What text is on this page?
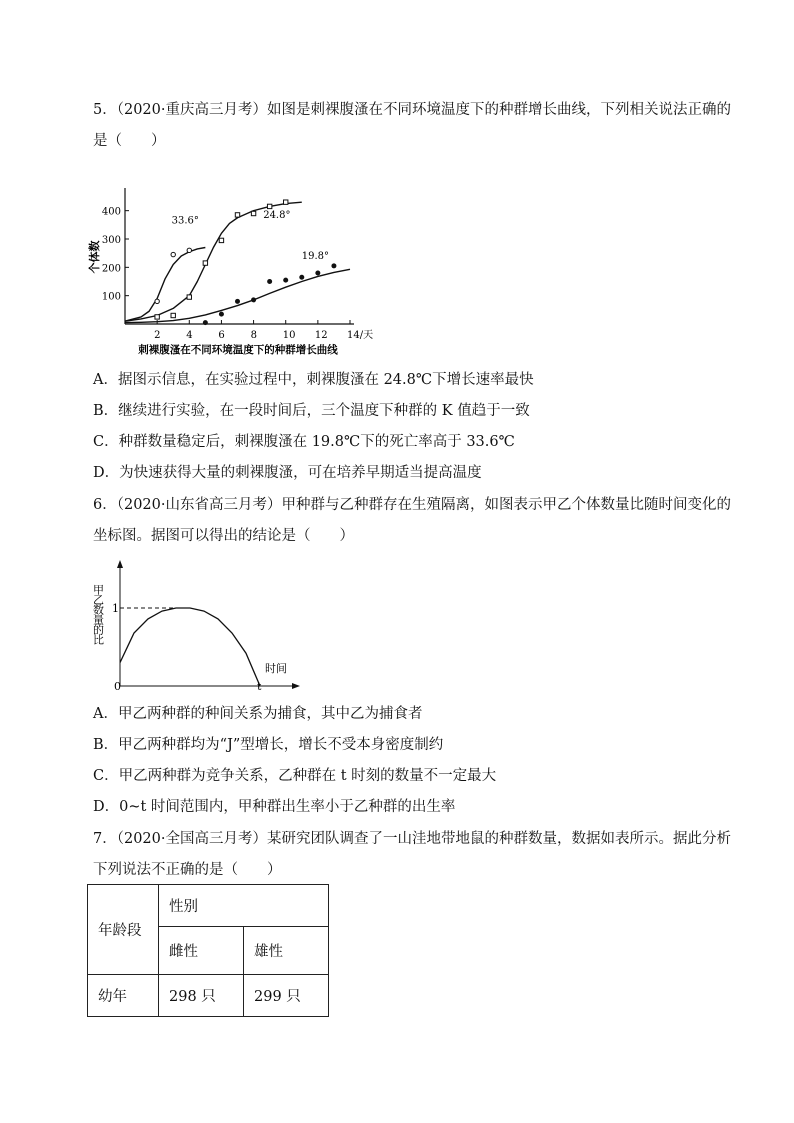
5．（2020·重庆高三月考）如图是刺裸腹溞在不同环境温度下的种群增长曲线，下列相关说法正确的
是（　　）
个体数
100
200
300
400
2	4	6	8	10 12 14/天
33.6°
24.8°
19.8°
刺裸腹溞在不同环境温度下的种群增长曲线
A．据图示信息，在实验过程中，刺裸腹溞在 24.8℃下增长速率最快
B．继续进行实验，在一段时间后，三个温度下种群的 K 值趋于一致
C．种群数量稳定后，刺裸腹溞在 19.8℃下的死亡率高于 33.6℃
D．为快速获得大量的刺裸腹溞，可在培养早期适当提高温度
6．（2020·山东省高三月考）甲种群与乙种群存在生殖隔离，如图表示甲乙个体数量比随时间变化的
坐标图。据图可以得出的结论是（　　）
甲乙数量的比 1
0	t
时间
A．甲乙两种群的种间关系为捕食，其中乙为捕食者
B．甲乙两种群均为“J”型增长，增长不受本身密度制约
C．甲乙两种群为竞争关系，乙种群在 t 时刻的数量不一定最大
D．0~t 时间范围内，甲种群出生率小于乙种群的出生率
7．（2020·全国高三月考）某研究团队调查了一山洼地带地鼠的种群数量，数据如表所示。据此分析
下列说法不正确的是（　　）
年龄段	性别	
	雌性	雄性
幼年	298 只	299 只
